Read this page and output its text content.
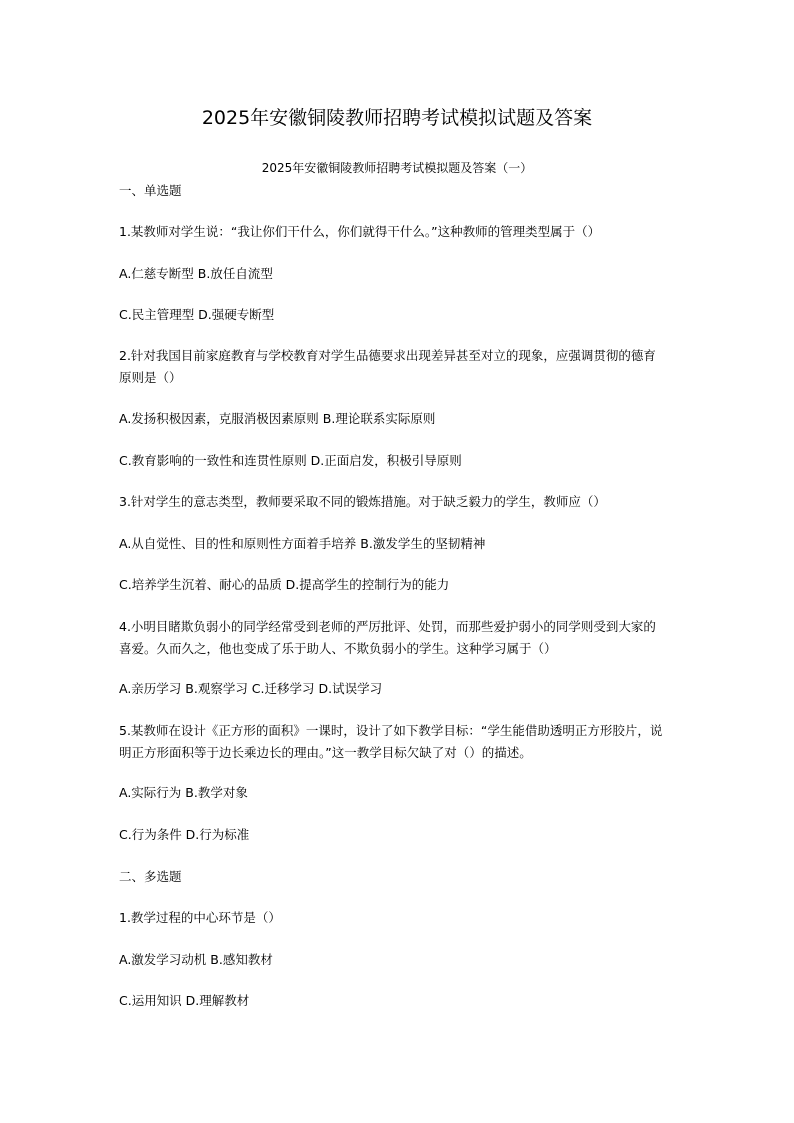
2025年安徽铜陵教师招聘考试模拟试题及答案
2025年安徽铜陵教师招聘考试模拟题及答案（一）
一、单选题
1.某教师对学生说：“我让你们干什么，你们就得干什么。”这种教师的管理类型属于（）
A.仁慈专断型 B.放任自流型
C.民主管理型 D.强硬专断型
2.针对我国目前家庭教育与学校教育对学生品德要求出现差异甚至对立的现象，应强调贯彻的德育原则是（）
A.发扬积极因素，克服消极因素原则 B.理论联系实际原则
C.教育影响的一致性和连贯性原则 D.正面启发，积极引导原则
3.针对学生的意志类型，教师要采取不同的锻炼措施。对于缺乏毅力的学生，教师应（）
A.从自觉性、目的性和原则性方面着手培养 B.激发学生的坚韧精神
C.培养学生沉着、耐心的品质 D.提高学生的控制行为的能力
4.小明目睹欺负弱小的同学经常受到老师的严厉批评、处罚，而那些爱护弱小的同学则受到大家的喜爱。久而久之，他也变成了乐于助人、不欺负弱小的学生。这种学习属于（）
A.亲历学习 B.观察学习 C.迁移学习 D.试误学习
5.某教师在设计《正方形的面积》一课时，设计了如下教学目标：“学生能借助透明正方形胶片，说明正方形面积等于边长乘边长的理由。”这一教学目标欠缺了对（）的描述。
A.实际行为 B.教学对象
C.行为条件 D.行为标准
二、多选题
1.教学过程的中心环节是（）
A.激发学习动机 B.感知教材
C.运用知识 D.理解教材
